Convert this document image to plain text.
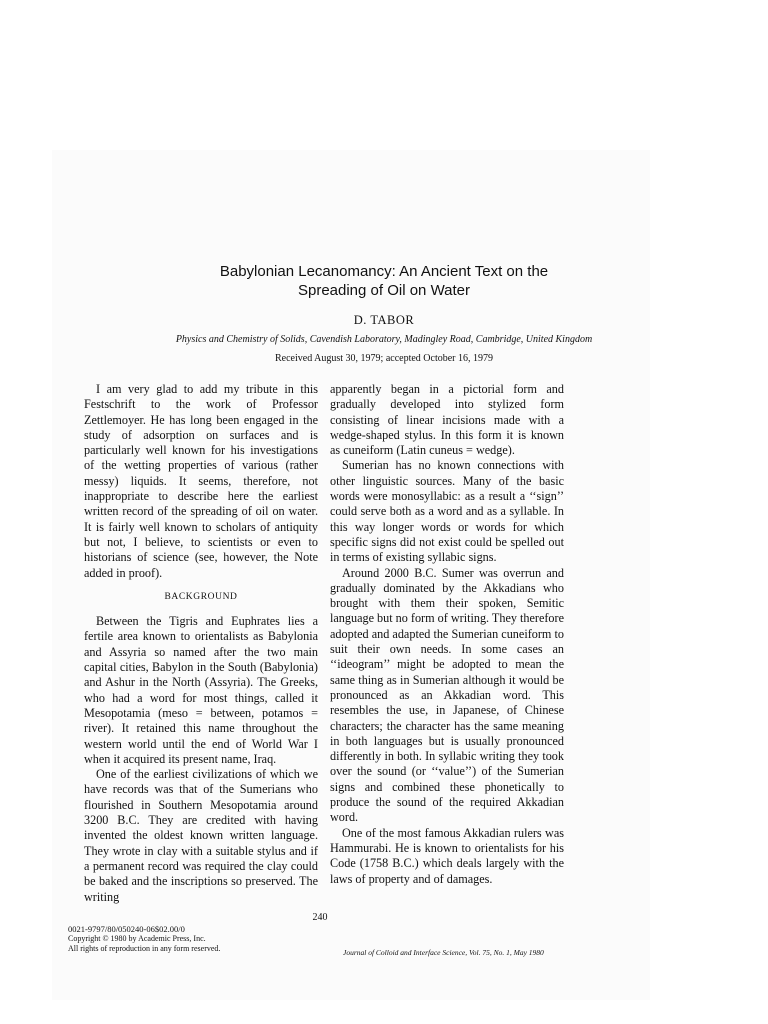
Babylonian Lecanomancy: An Ancient Text on the
Spreading of Oil on Water
D. TABOR
Physics and Chemistry of Solids, Cavendish Laboratory, Madingley Road, Cambridge, United Kingdom
Received August 30, 1979; accepted October 16, 1979

I am very glad to add my tribute in this Festschrift to the work of Professor Zettlemoyer. He has long been engaged in the study of adsorption on surfaces and is particularly well known for his investigations of the wetting properties of various (rather messy) liquids. It seems, therefore, not inappropriate to describe here the earliest written record of the spreading of oil on water. It is fairly well known to scholars of antiquity but not, I believe, to scientists or even to historians of science (see, however, the Note added in proof).

BACKGROUND

Between the Tigris and Euphrates lies a fertile area known to orientalists as Babylonia and Assyria so named after the two main capital cities, Babylon in the South (Babylonia) and Ashur in the North (Assyria). The Greeks, who had a word for most things, called it Mesopotamia (meso = between, potamos = river). It retained this name throughout the western world until the end of World War I when it acquired its present name, Iraq.

One of the earliest civilizations of which we have records was that of the Sumerians who flourished in Southern Mesopotamia around 3200 B.C. They are credited with having invented the oldest known written language. They wrote in clay with a suitable stylus and if a permanent record was required the clay could be baked and the inscriptions so preserved. The writing

apparently began in a pictorial form and gradually developed into stylized form consisting of linear incisions made with a wedge-shaped stylus. In this form it is known as cuneiform (Latin cuneus = wedge).

Sumerian has no known connections with other linguistic sources. Many of the basic words were monosyllabic: as a result a ‘‘sign’’ could serve both as a word and as a syllable. In this way longer words or words for which specific signs did not exist could be spelled out in terms of existing syllabic signs.

Around 2000 B.C. Sumer was overrun and gradually dominated by the Akkadians who brought with them their spoken, Semitic language but no form of writing. They therefore adopted and adapted the Sumerian cuneiform to suit their own needs. In some cases an ‘‘ideogram’’ might be adopted to mean the same thing as in Sumerian although it would be pronounced as an Akkadian word. This resembles the use, in Japanese, of Chinese characters; the character has the same meaning in both languages but is usually pronounced differently in both. In syllabic writing they took over the sound (or ‘‘value’’) of the Sumerian signs and combined these phonetically to produce the sound of the required Akkadian word.

One of the most famous Akkadian rulers was Hammurabi. He is known to orientalists for his Code (1758 B.C.) which deals largely with the laws of property and of damages.

240
0021-9797/80/050240-06$02.00/0
Copyright © 1980 by Academic Press, Inc.
All rights of reproduction in any form reserved.	Journal of Colloid and Interface Science, Vol. 75, No. 1, May 1980
